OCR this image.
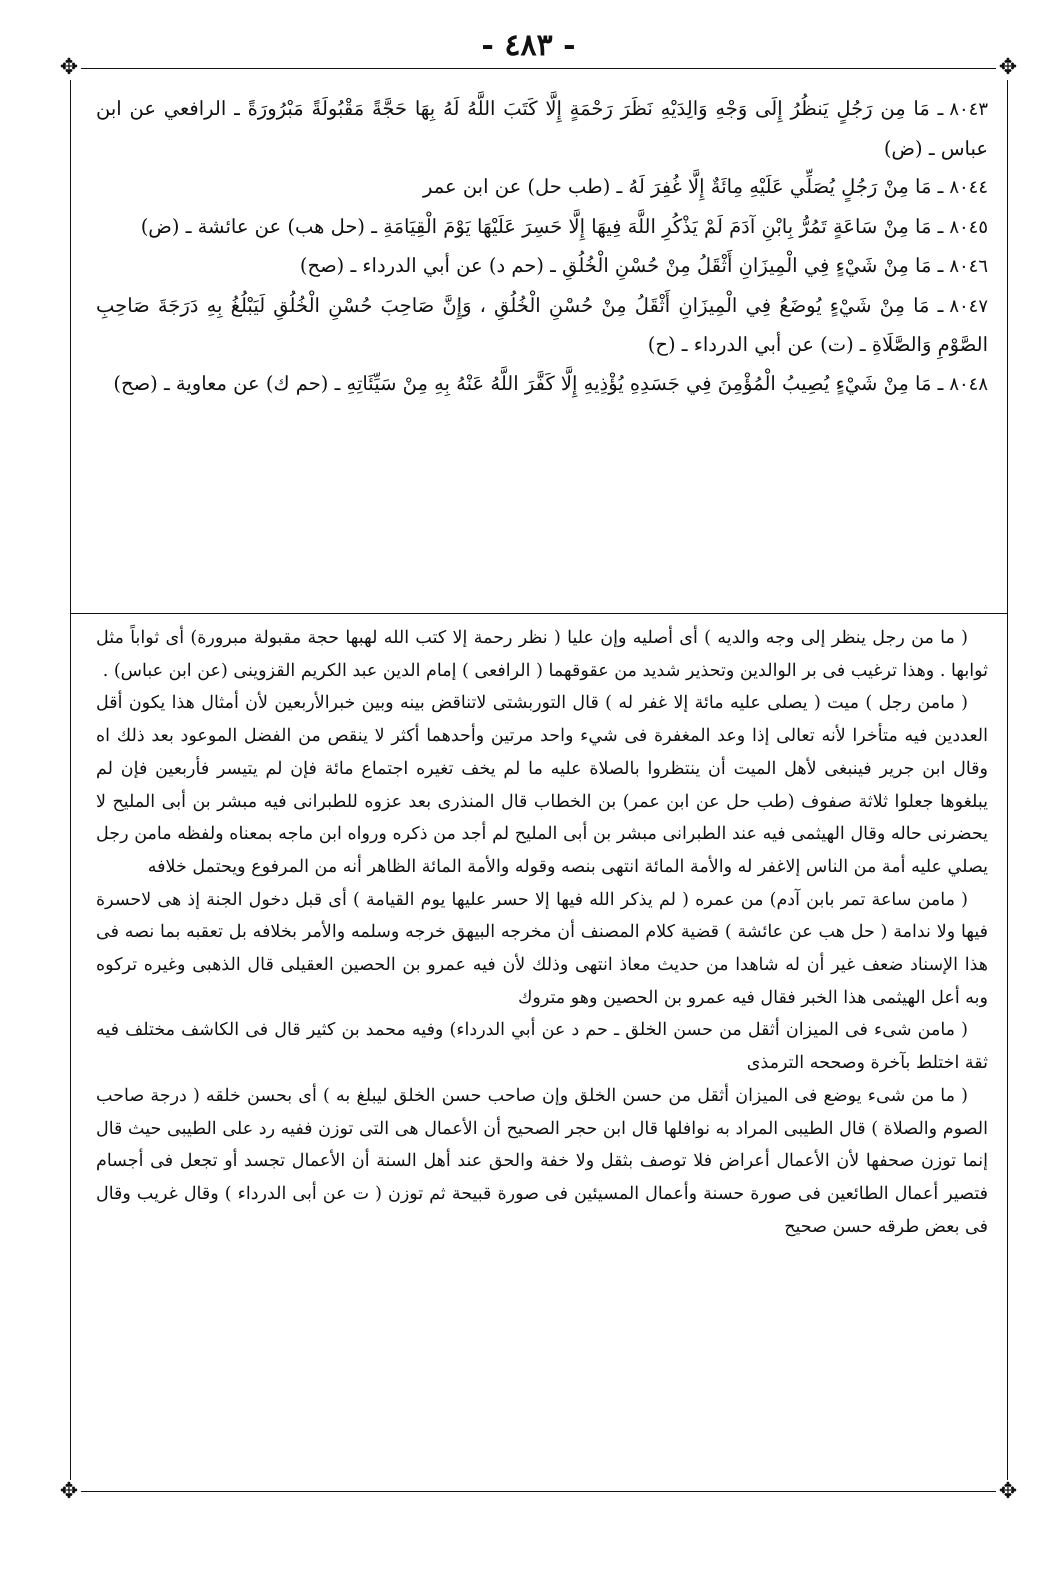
- ٤٨٣ -
✥	✥
✥	✥

٨٠٤٣ـ مَا مِن رَجُلٍ يَنظُرُ إِلَى وَجْهِ وَالِدَيْهِ نَظَرَ رَحْمَةٍ إِلَّا كَتَبَ اللَّهُ لَهُ بِهَا حَجَّةً مَقْبُولَةً مَبْرُورَةً ـ الرافعي عن ابن عباس ـ (ض)

٨٠٤٤ـ مَا مِنْ رَجُلٍ يُصَلِّي عَلَيْهِ مِائَةٌ إِلَّا غُفِرَ لَهُ ـ (طب حل) عن ابن عمر

٨٠٤٥ـ مَا مِنْ سَاعَةٍ تَمُرُّ بِابْنِ آدَمَ لَمْ يَذْكُرِ اللَّهَ فِيهَا إِلَّا حَسِرَ عَلَيْهَا يَوْمَ الْقِيَامَةِ ـ (حل هب) عن عائشة ـ (ض)

٨٠٤٦ـ مَا مِنْ شَيْءٍ فِي الْمِيزَانِ أَثْقَلُ مِنْ حُسْنِ الْخُلُقِ ـ (حم د) عن أبي الدرداء ـ (صح)

٨٠٤٧ـ مَا مِنْ شَيْءٍ يُوضَعُ فِي الْمِيزَانِ أَثْقَلُ مِنْ حُسْنِ الْخُلُقِ ، وَإِنَّ صَاحِبَ حُسْنِ الْخُلُقِ لَيَبْلُغُ بِهِ دَرَجَةَ صَاحِبِ الصَّوْمِ وَالصَّلَاةِ ـ (ت) عن أبي الدرداء ـ (ح)

٨٠٤٨ـ مَا مِنْ شَيْءٍ يُصِيبُ الْمُؤْمِنَ فِي جَسَدِهِ يُؤْذِيهِ إِلَّا كَفَّرَ اللَّهُ عَنْهُ بِهِ مِنْ سَيِّئَاتِهِ ـ (حم ك) عن معاوية ـ (صح)

( ما من رجل ينظر إلى وجه والديه ) أى أصليه وإن عليا ( نظر رحمة إلا كتب الله لهبها حجة مقبولة مبرورة) أى ثواباً مثل ثوابها . وهذا ترغيب فى بر الوالدين وتحذير شديد من عقوقهما ( الرافعى ) إمام الدين عبد الكريم القزوينى (عن ابن عباس) .

( مامن رجل ) ميت ( يصلى عليه مائة إلا غفر له ) قال التوربشتى لاتناقض بينه وبين خبرالأربعين لأن أمثال هذا يكون أقل العددين فيه متأخرا لأنه تعالى إذا وعد المغفرة فى شيء واحد مرتين وأحدهما أكثر لا ينقص من الفضل الموعود بعد ذلك اه وقال ابن جرير فينبغى لأهل الميت أن ينتظروا بالصلاة عليه ما لم يخف تغيره اجتماع مائة فإن لم يتيسر فأربعين فإن لم يبلغوها جعلوا ثلاثة صفوف (طب حل عن ابن عمر) بن الخطاب قال المنذرى بعد عزوه للطبرانى فيه مبشر بن أبى المليح لا يحضرنى حاله وقال الهيثمى فيه عند الطبرانى مبشر بن أبى المليح لم أجد من ذكره ورواه ابن ماجه بمعناه ولفظه مامن رجل يصلي عليه أمة من الناس إلاغفر له والأمة المائة انتهى بنصه وقوله والأمة المائة الظاهر أنه من المرفوع ويحتمل خلافه

( مامن ساعة تمر بابن آدم) من عمره ( لم يذكر الله فيها إلا حسر عليها يوم القيامة ) أى قبل دخول الجنة إذ هى لاحسرة فيها ولا ندامة ( حل هب عن عائشة ) قضية كلام المصنف أن مخرجه البيهق خرجه وسلمه والأمر بخلافه بل تعقبه بما نصه فى هذا الإسناد ضعف غير أن له شاهدا من حديث معاذ انتهى وذلك لأن فيه عمرو بن الحصين العقيلى قال الذهبى وغيره تركوه وبه أعل الهيثمى هذا الخبر فقال فيه عمرو بن الحصين وهو متروك

( مامن شىء فى الميزان أثقل من حسن الخلق ـ حم د عن أبي الدرداء) وفيه محمد بن كثير قال فى الكاشف مختلف فيه ثقة اختلط بآخرة وصححه الترمذى

( ما من شىء يوضع فى الميزان أثقل من حسن الخلق وإن صاحب حسن الخلق ليبلغ به ) أى بحسن خلقه ( درجة صاحب الصوم والصلاة ) قال الطيبى المراد به نوافلها قال ابن حجر الصحيح أن الأعمال هى التى توزن ففيه رد على الطيبى حيث قال إنما توزن صحفها لأن الأعمال أعراض فلا توصف بثقل ولا خفة والحق عند أهل السنة أن الأعمال تجسد أو تجعل فى أجسام فتصير أعمال الطائعين فى صورة حسنة وأعمال المسيئين فى صورة قبيحة ثم توزن ( ت عن أبى الدرداء ) وقال غريب وقال فى بعض طرقه حسن صحيح
